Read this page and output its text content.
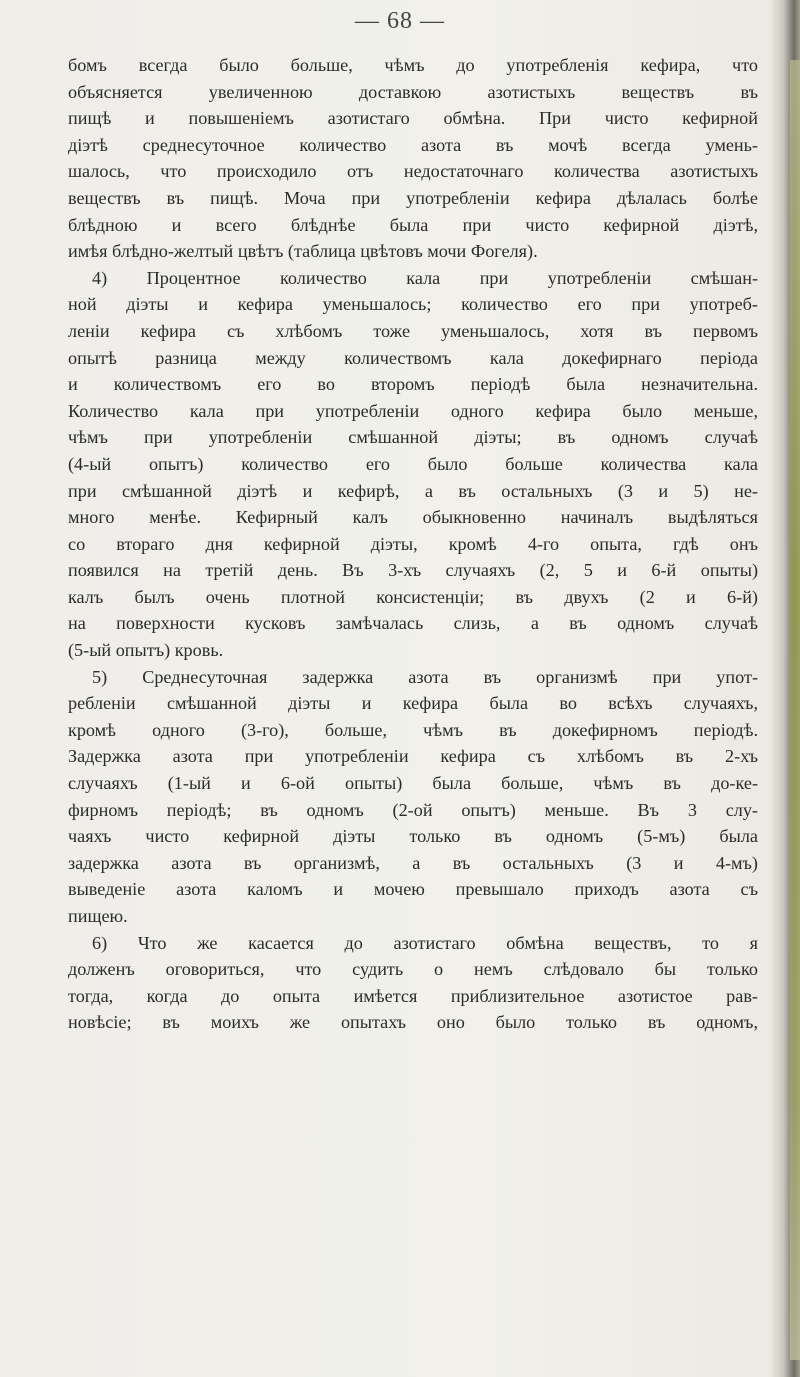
— 68 —
бомъ всегда было больше, чѣмъ до употребленія кефира, что
объясняется увеличенною доставкою азотистыхъ веществъ въ
пищѣ и повышеніемъ азотистаго обмѣна. При чисто кефирной
діэтѣ среднесуточное количество азота въ мочѣ всегда умень-
шалось, что происходило отъ недостаточнаго количества азотистыхъ
веществъ въ пищѣ. Моча при употребленіи кефира дѣлалась болѣе
блѣдною и всего блѣднѣе была при чисто кефирной діэтѣ,
имѣя блѣдно-желтый цвѣтъ (таблица цвѣтовъ мочи Фогеля).
4) Процентное количество кала при употребленіи смѣшан-
ной діэты и кефира уменьшалось; количество его при употреб-
леніи кефира съ хлѣбомъ тоже уменьшалось, хотя въ первомъ
опытѣ разница между количествомъ кала докефирнаго періода
и количествомъ его во второмъ періодѣ была незначительна.
Количество кала при употребленіи одного кефира было меньше,
чѣмъ при употребленіи смѣшанной діэты; въ одномъ случаѣ
(4-ый опытъ) количество его было больше количества кала
при смѣшанной діэтѣ и кефирѣ, а въ остальныхъ (3 и 5) не-
много менѣе. Кефирный калъ обыкновенно начиналъ выдѣляться
со втораго дня кефирной діэты, кромѣ 4-го опыта, гдѣ онъ
появился на третій день. Въ 3-хъ случаяхъ (2, 5 и 6-й опыты)
калъ былъ очень плотной консистенціи; въ двухъ (2 и 6-й)
на поверхности кусковъ замѣчалась слизь, а въ одномъ случаѣ
(5-ый опытъ) кровь.
5) Среднесуточная задержка азота въ организмѣ при упот-
ребленіи смѣшанной діэты и кефира была во всѣхъ случаяхъ,
кромѣ одного (3-го), больше, чѣмъ въ докефирномъ періодѣ.
Задержка азота при употребленіи кефира съ хлѣбомъ въ 2-хъ
случаяхъ (1-ый и 6-ой опыты) была больше, чѣмъ въ до-ке-
фирномъ періодѣ; въ одномъ (2-ой опытъ) меньше. Въ 3 слу-
чаяхъ чисто кефирной діэты только въ одномъ (5-мъ) была
задержка азота въ организмѣ, а въ остальныхъ (3 и 4-мъ)
выведеніе азота каломъ и мочею превышало приходъ азота съ
пищею.
6) Что же касается до азотистаго обмѣна веществъ, то я
долженъ оговориться, что судить о немъ слѣдовало бы только
тогда, когда до опыта имѣется приблизительное азотистое рав-
новѣсіе; въ моихъ же опытахъ оно было только въ одномъ,
